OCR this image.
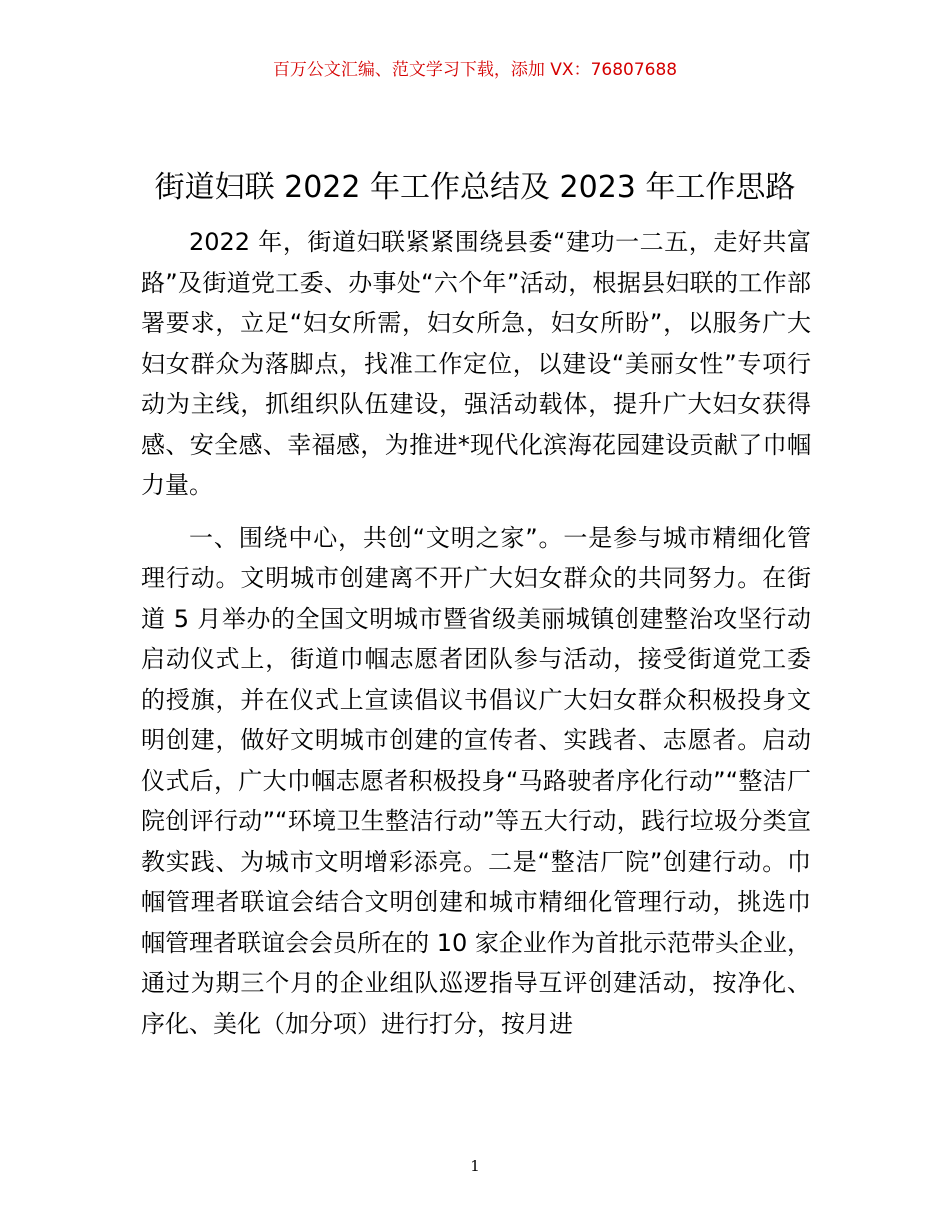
百万公文汇编、范文学习下载，添加 VX：76807688
街道妇联 2022 年工作总结及 2023 年工作思路

2022 年，街道妇联紧紧围绕县委“建功一二五，走好共富路”及街道党工委、办事处“六个年”活动，根据县妇联的工作部署要求，立足“妇女所需，妇女所急，妇女所盼”，以服务广大妇女群众为落脚点，找准工作定位，以建设“美丽女性”专项行动为主线，抓组织队伍建设，强活动载体，提升广大妇女获得感、安全感、幸福感，为推进*现代化滨海花园建设贡献了巾帼力量。

一、围绕中心，共创“文明之家”。一是参与城市精细化管理行动。文明城市创建离不开广大妇女群众的共同努力。在街道 5 月举办的全国文明城市暨省级美丽城镇创建整治攻坚行动启动仪式上，街道巾帼志愿者团队参与活动，接受街道党工委的授旗，并在仪式上宣读倡议书倡议广大妇女群众积极投身文明创建，做好文明城市创建的宣传者、实践者、志愿者。启动仪式后，广大巾帼志愿者积极投身“马路驶者序化行动”“整洁厂院创评行动”“环境卫生整洁行动”等五大行动，践行垃圾分类宣教实践、为城市文明增彩添亮。二是“整洁厂院”创建行动。巾帼管理者联谊会结合文明创建和城市精细化管理行动，挑选巾帼管理者联谊会会员所在的 10 家企业作为首批示范带头企业，通过为期三个月的企业组队巡逻指导互评创建活动，按净化、序化、美化（加分项）进行打分，按月进

1
